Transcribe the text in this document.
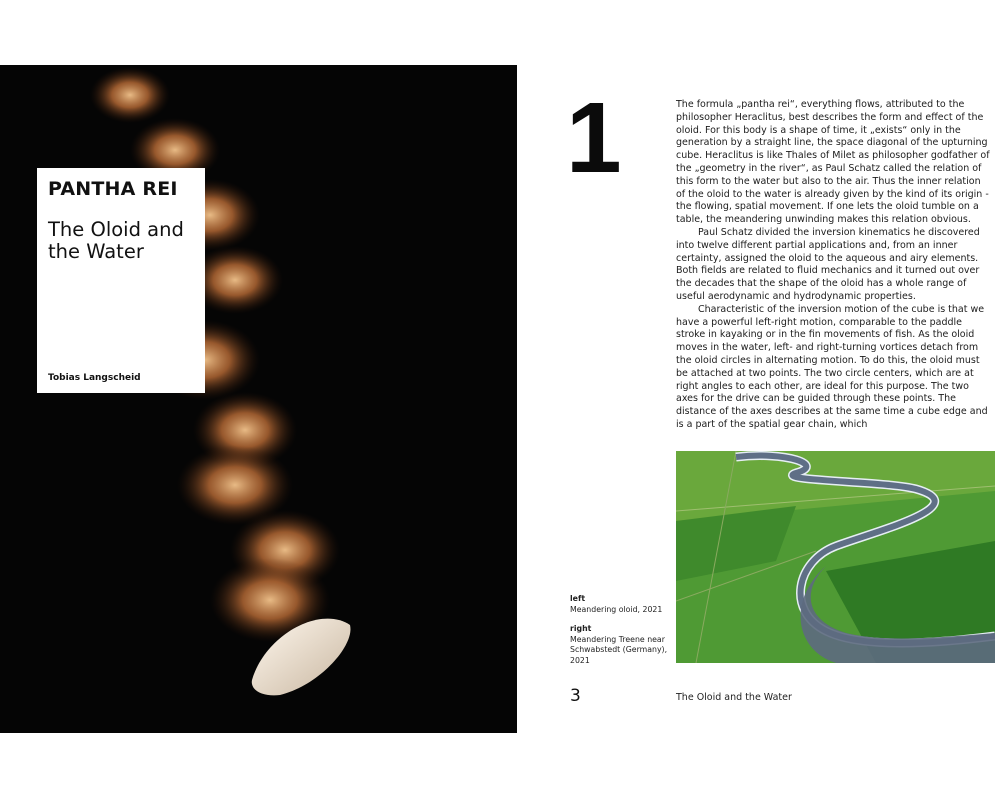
PANTHA REI
The Oloid and the Water
Tobias Langscheid
1	The formula „pantha rei“, everything flows, attributed to the philosopher Heraclitus, best describes the form and effect of the oloid. For this body is a shape of time, it „exists“ only in the generation by a straight line, the space diagonal of the upturning cube. Heraclitus is like Thales of Milet as philosopher godfather of the „geometry in the river“, as Paul Schatz called the relation of this form to the water but also to the air. Thus the inner relation of the oloid to the water is already given by the kind of its origin - the flowing, spatial movement. If one lets the oloid tumble on a table, the meandering unwinding makes this relation obvious.

Paul Schatz divided the inversion kinematics he discovered into twelve different partial applications and, from an inner certainty, assigned the oloid to the aqueous and airy elements. Both fields are related to fluid mechanics and it turned out over the decades that the shape of the oloid has a whole range of useful aerodynamic and hydrodynamic properties.

Characteristic of the inversion motion of the cube is that we have a powerful left-right motion, comparable to the paddle stroke in kayaking or in the fin movements of fish. As the oloid moves in the water, left- and right-turning vortices detach from the oloid circles in alternating motion. To do this, the oloid must be attached at two points. The two circle centers, which are at right angles to each other, are ideal for this purpose. The two axes for the drive can be guided through these points. The distance of the axes describes at the same time a cube edge and is a part of the spatial gear chain, which

left
Meandering oloid, 2021
right
Meandering Treene near Schwabstedt (Germany), 2021
3	The Oloid and the Water
